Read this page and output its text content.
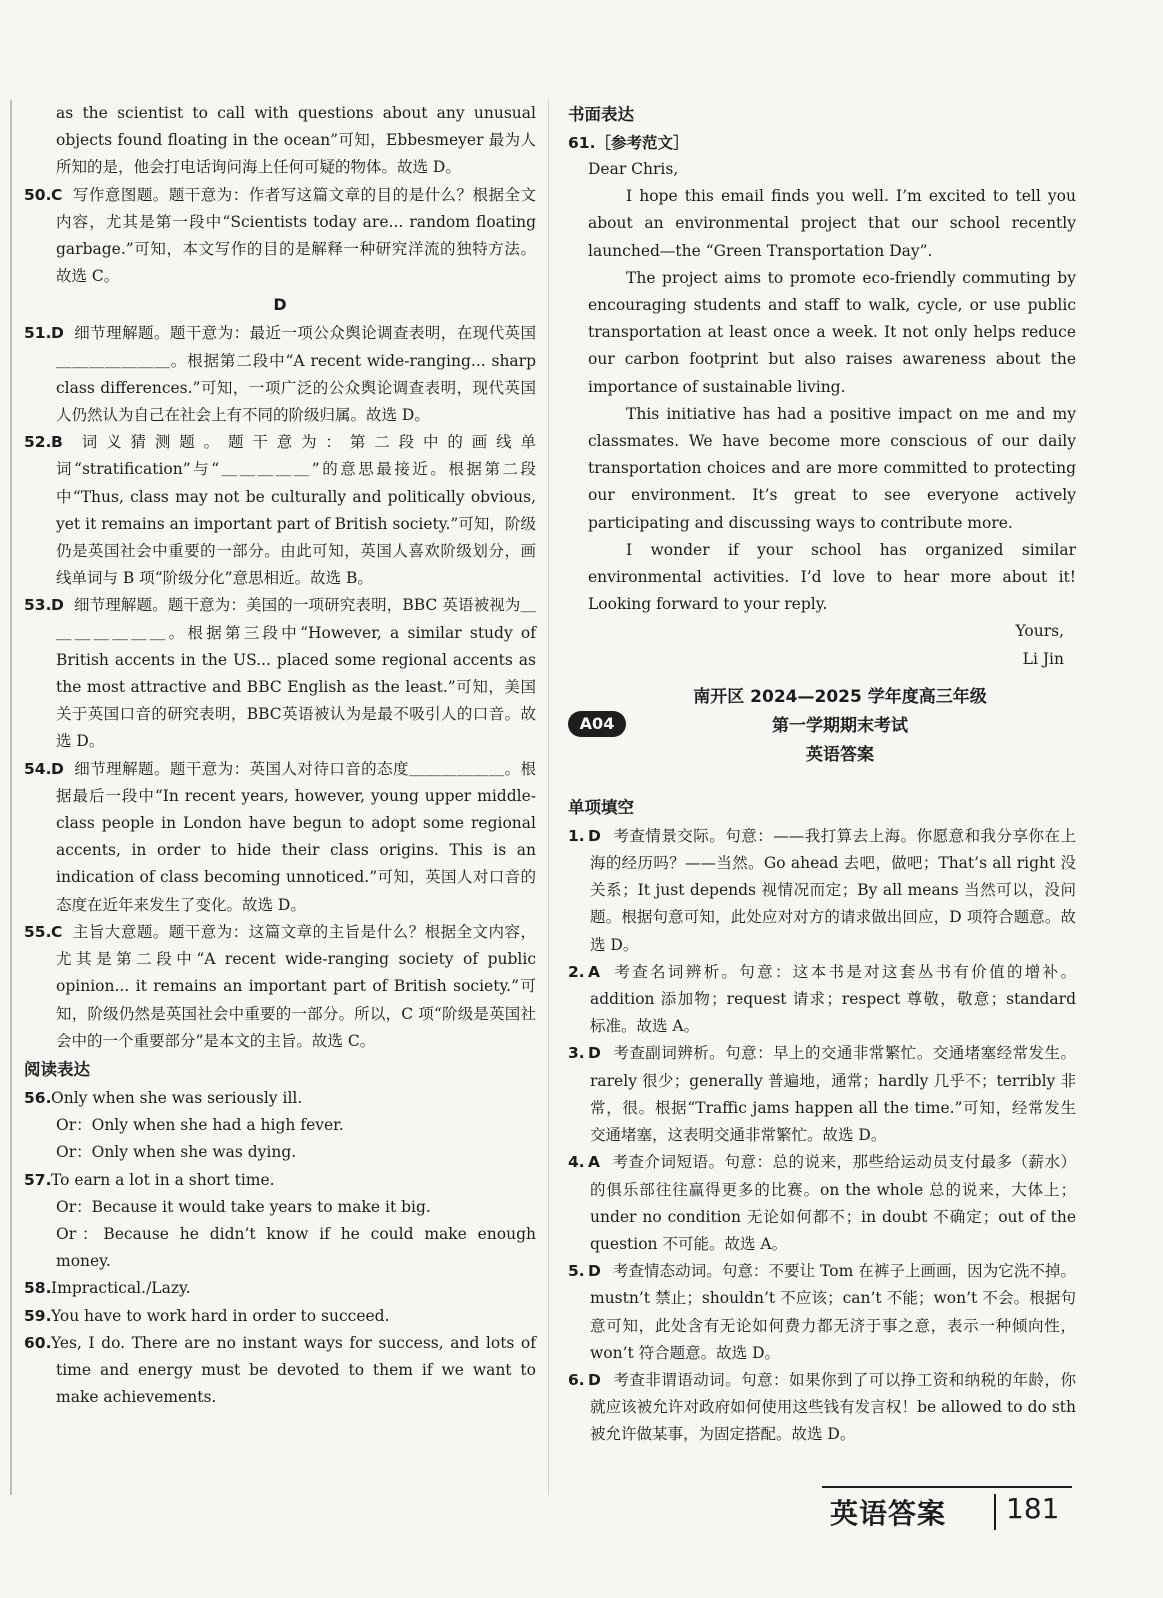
as the scientist to call with questions about any unusual objects found floating in the ocean”可知，Ebbesmeyer 最为人所知的是，他会打电话询问海上任何可疑的物体。故选 D。

50.C 写作意图题。题干意为：作者写这篇文章的目的是什么？根据全文内容，尤其是第一段中“Scientists today are... random floating garbage.”可知，本文写作的目的是解释一种研究洋流的独特方法。故选 C。

D

51.D 细节理解题。题干意为：最近一项公众舆论调查表明，在现代英国＿＿＿＿＿＿＿。根据第二段中“A recent wide-ranging... sharp class differences.”可知，一项广泛的公众舆论调查表明，现代英国人仍然认为自己在社会上有不同的阶级归属。故选 D。

52.B 词义猜测题。题干意为：第二段中的画线单词“stratification”与“＿＿＿＿＿”的意思最接近。根据第二段中“Thus, class may not be culturally and politically obvious, yet it remains an important part of British society.”可知，阶级仍是英国社会中重要的一部分。由此可知，英国人喜欢阶级划分，画线单词与 B 项“阶级分化”意思相近。故选 B。

53.D 细节理解题。题干意为：美国的一项研究表明，BBC 英语被视为＿＿＿＿＿＿＿。根据第三段中“However, a similar study of British accents in the US... placed some regional accents as the most attractive and BBC English as the least.”可知，美国关于英国口音的研究表明，BBC英语被认为是最不吸引人的口音。故选 D。

54.D 细节理解题。题干意为：英国人对待口音的态度＿＿＿＿＿＿。根据最后一段中“In recent years, however, young upper middle-class people in London have begun to adopt some regional accents, in order to hide their class origins. This is an indication of class becoming unnoticed.”可知，英国人对口音的态度在近年来发生了变化。故选 D。

55.C 主旨大意题。题干意为：这篇文章的主旨是什么？根据全文内容，尤其是第二段中“A recent wide-ranging society of public opinion... it remains an important part of British society.”可知，阶级仍然是英国社会中重要的一部分。所以，C 项“阶级是英国社会中的一个重要部分”是本文的主旨。故选 C。

阅读表达

56.Only when she was seriously ill.

Or：Only when she had a high fever.

Or：Only when she was dying.

57.To earn a lot in a short time.

Or：Because it would take years to make it big.

Or：Because he didn’t know if he could make enough money.

58.Impractical./Lazy.

59.You have to work hard in order to succeed.

60.Yes, I do. There are no instant ways for success, and lots of time and energy must be devoted to them if we want to make achievements.

书面表达
61.［参考范文］

Dear Chris,

I hope this email finds you well. I’m excited to tell you about an environmental project that our school recently launched—the “Green Transportation Day”.

The project aims to promote eco-friendly commuting by encouraging students and staff to walk, cycle, or use public transportation at least once a week. It not only helps reduce our carbon footprint but also raises awareness about the importance of sustainable living.

This initiative has had a positive impact on me and my classmates. We have become more conscious of our daily transportation choices and are more committed to protecting our environment. It’s great to see everyone actively participating and discussing ways to contribute more.

I wonder if your school has organized similar environmental activities. I’d love to hear more about it! Looking forward to your reply.

Yours,

Li Jin

A04
南开区 2024—2025 学年度高三年级
第一学期期末考试
英语答案
单项填空

1. D 考查情景交际。句意：——我打算去上海。你愿意和我分享你在上海的经历吗？——当然。Go ahead 去吧，做吧；That’s all right 没关系；It just depends 视情况而定；By all means 当然可以，没问题。根据句意可知，此处应对对方的请求做出回应，D 项符合题意。故选 D。

2. A 考查名词辨析。句意：这本书是对这套丛书有价值的增补。addition 添加物；request 请求；respect 尊敬，敬意；standard 标准。故选 A。

3. D 考查副词辨析。句意：早上的交通非常繁忙。交通堵塞经常发生。rarely 很少；generally 普遍地，通常；hardly 几乎不；terribly 非常，很。根据“Traffic jams happen all the time.”可知，经常发生交通堵塞，这表明交通非常繁忙。故选 D。

4. A 考查介词短语。句意：总的说来，那些给运动员支付最多（薪水）的俱乐部往往赢得更多的比赛。on the whole 总的说来，大体上；under no condition 无论如何都不；in doubt 不确定；out of the question 不可能。故选 A。

5. D 考查情态动词。句意：不要让 Tom 在裤子上画画，因为它洗不掉。mustn’t 禁止；shouldn’t 不应该；can’t 不能；won’t 不会。根据句意可知，此处含有无论如何费力都无济于事之意，表示一种倾向性，won’t 符合题意。故选 D。

6. D 考查非谓语动词。句意：如果你到了可以挣工资和纳税的年龄，你就应该被允许对政府如何使用这些钱有发言权！be allowed to do sth 被允许做某事，为固定搭配。故选 D。

英语答案 181
